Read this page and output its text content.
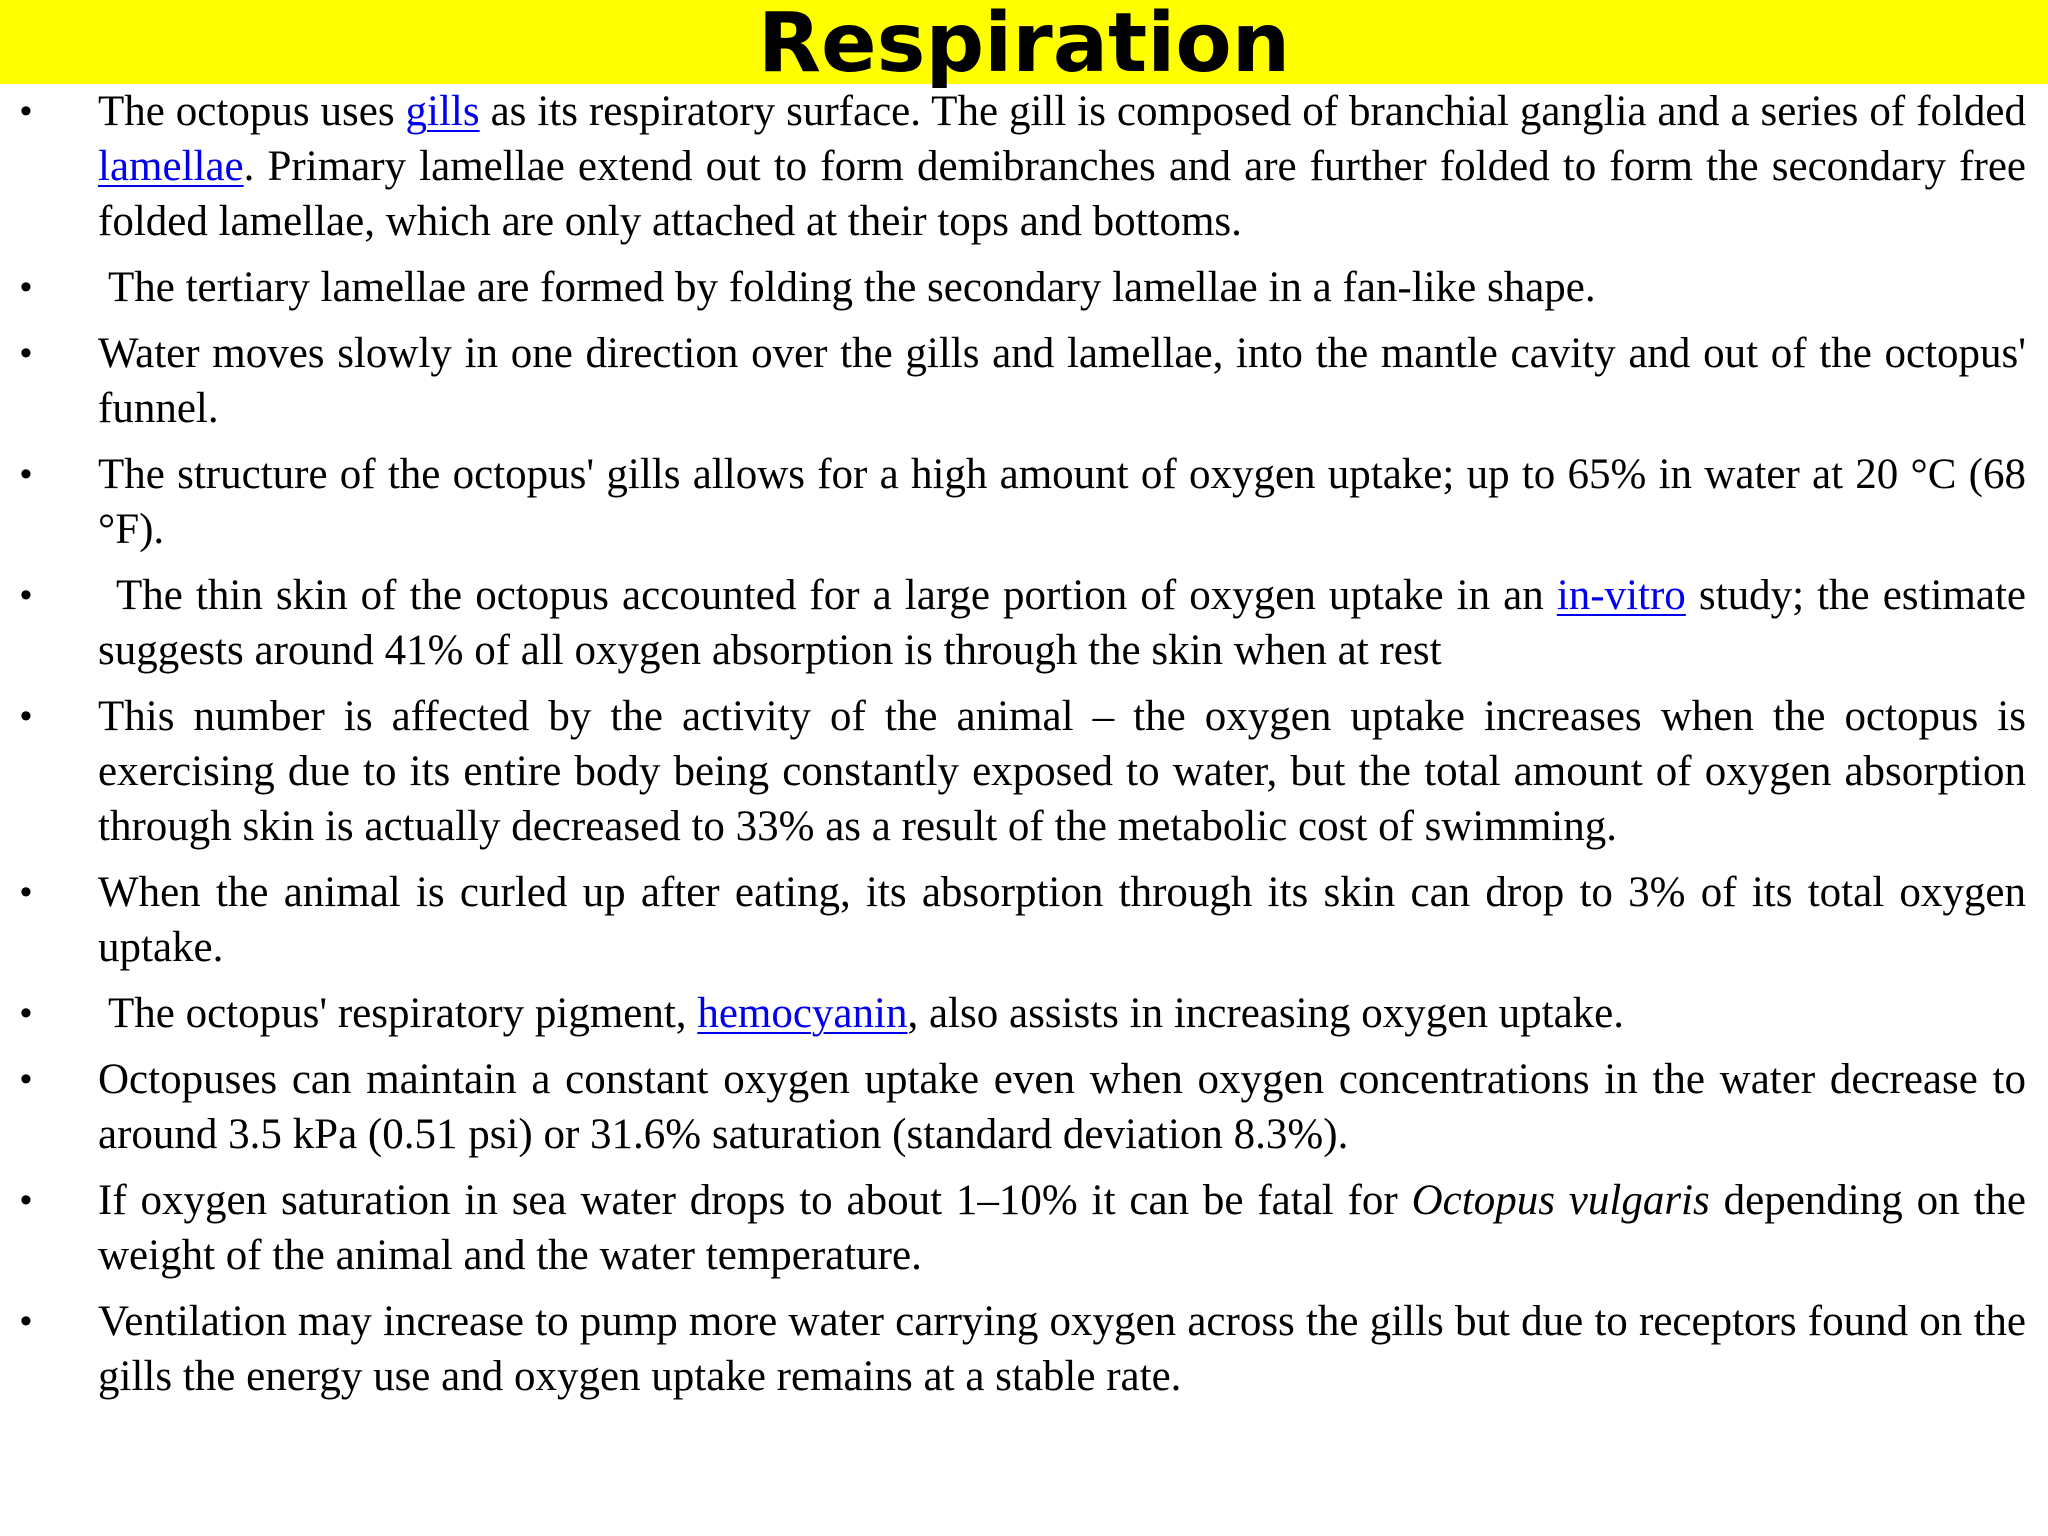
Respiration
• The octopus uses gills as its respiratory surface. The gill is composed of branchial ganglia and a series of folded lamellae. Primary lamellae extend out to form demibranches and are further folded to form the secondary free folded lamellae, which are only attached at their tops and bottoms.
• The tertiary lamellae are formed by folding the secondary lamellae in a fan-like shape.
• Water moves slowly in one direction over the gills and lamellae, into the mantle cavity and out of the octopus' funnel.
• The structure of the octopus' gills allows for a high amount of oxygen uptake; up to 65% in water at 20 °C (68 °F).
• The thin skin of the octopus accounted for a large portion of oxygen uptake in an in-vitro study; the estimate suggests around 41% of all oxygen absorption is through the skin when at rest
• This number is affected by the activity of the animal – the oxygen uptake increases when the octopus is exercising due to its entire body being constantly exposed to water, but the total amount of oxygen absorption through skin is actually decreased to 33% as a result of the metabolic cost of swimming.
• When the animal is curled up after eating, its absorption through its skin can drop to 3% of its total oxygen uptake.
• The octopus' respiratory pigment, hemocyanin, also assists in increasing oxygen uptake.
• Octopuses can maintain a constant oxygen uptake even when oxygen concentrations in the water decrease to around 3.5 kPa (0.51 psi) or 31.6% saturation (standard deviation 8.3%).
• If oxygen saturation in sea water drops to about 1–10% it can be fatal for Octopus vulgaris depending on the weight of the animal and the water temperature.
• Ventilation may increase to pump more water carrying oxygen across the gills but due to receptors found on the gills the energy use and oxygen uptake remains at a stable rate.
